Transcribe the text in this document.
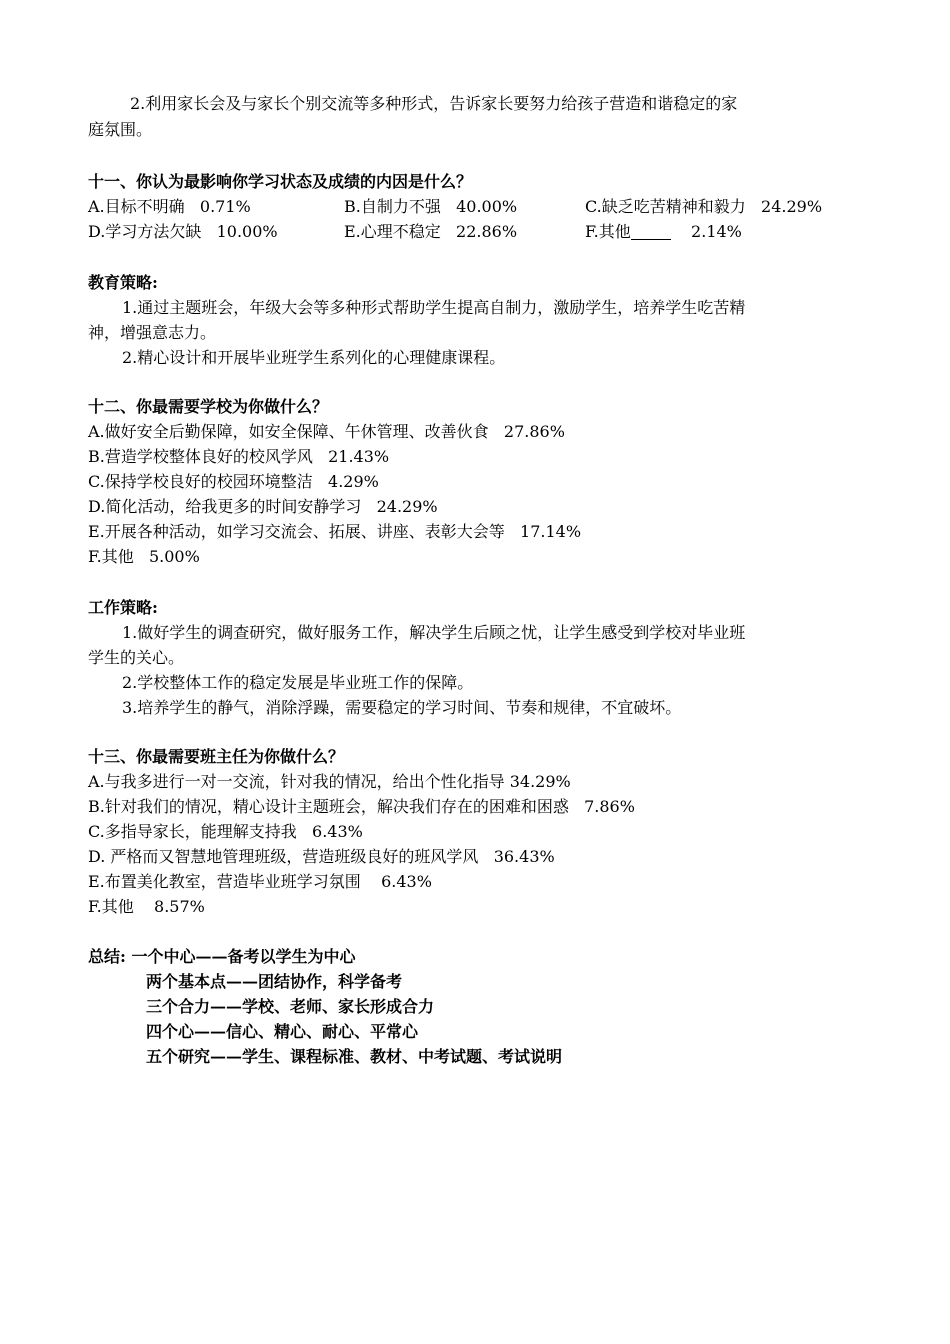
2.利用家长会及与家长个别交流等多种形式，告诉家长要努力给孩子营造和谐稳定的家
庭氛围。
十一、你认为最影响你学习状态及成绩的内因是什么？
A.目标不明确   0.71%	B.自制力不强   40.00%	C.缺乏吃苦精神和毅力   24.29%
D.学习方法欠缺   10.00%	E.心理不稳定   22.86%	F.其他	2.14%
教育策略:
1.通过主题班会，年级大会等多种形式帮助学生提高自制力，激励学生，培养学生吃苦精
神，增强意志力。
2.精心设计和开展毕业班学生系列化的心理健康课程。
十二、你最需要学校为你做什么？
A.做好安全后勤保障，如安全保障、午休管理、改善伙食   27.86%
B.营造学校整体良好的校风学风   21.43%
C.保持学校良好的校园环境整洁   4.29%
D.简化活动，给我更多的时间安静学习   24.29%
E.开展各种活动，如学习交流会、拓展、讲座、表彰大会等   17.14%
F.其他   5.00%
工作策略:
1.做好学生的调查研究，做好服务工作，解决学生后顾之忧，让学生感受到学校对毕业班
学生的关心。
2.学校整体工作的稳定发展是毕业班工作的保障。
3.培养学生的静气，消除浮躁，需要稳定的学习时间、节奏和规律，不宜破坏。
十三、你最需要班主任为你做什么？
A.与我多进行一对一交流，针对我的情况，给出个性化指导 34.29%
B.针对我们的情况，精心设计主题班会，解决我们存在的困难和困惑   7.86%
C.多指导家长，能理解支持我   6.43%
D. 严格而又智慧地管理班级，营造班级良好的班风学风   36.43%
E.布置美化教室，营造毕业班学习氛围    6.43%
F.其他    8.57%
总结: 一个中心——备考以学生为中心
两个基本点——团结协作，科学备考
三个合力——学校、老师、家长形成合力
四个心——信心、精心、耐心、平常心
五个研究——学生、课程标准、教材、中考试题、考试说明
